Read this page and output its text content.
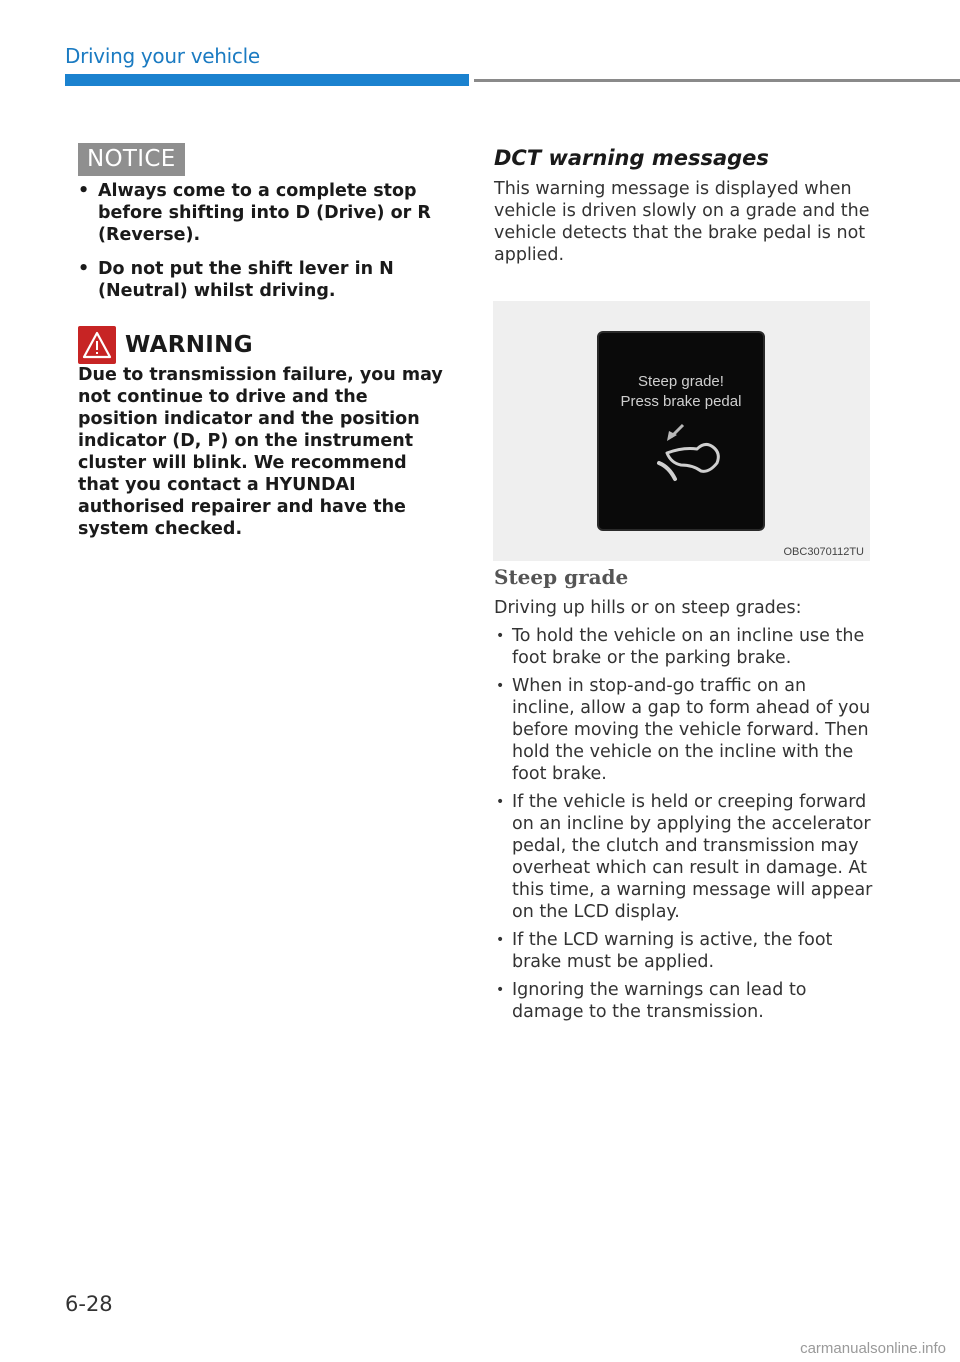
Driving your vehicle
NOTICE
• Always come to a complete stop before shifting into D (Drive) or R (Reverse).
• Do not put the shift lever in N (Neutral) whilst driving.
WARNING
Due to transmission failure, you may not continue to drive and the position indicator and the position indicator (D, P) on the instrument cluster will blink. We recommend that you contact a HYUNDAI authorised repairer and have the system checked.
DCT warning messages
This warning message is displayed when vehicle is driven slowly on a grade and the vehicle detects that the brake pedal is not applied.
Steep grade!
Press brake pedal
OBC3070112TU
Steep grade
Driving up hills or on steep grades:
• To hold the vehicle on an incline use the foot brake or the parking brake.
• When in stop-and-go traffic on an incline, allow a gap to form ahead of you before moving the vehicle forward. Then hold the vehicle on the incline with the foot brake.
• If the vehicle is held or creeping forward on an incline by applying the accelerator pedal, the clutch and transmission may overheat which can result in damage. At this time, a warning message will appear on the LCD display.
• If the LCD warning is active, the foot brake must be applied.
• Ignoring the warnings can lead to damage to the transmission.
6-28
carmanualsonline.info
